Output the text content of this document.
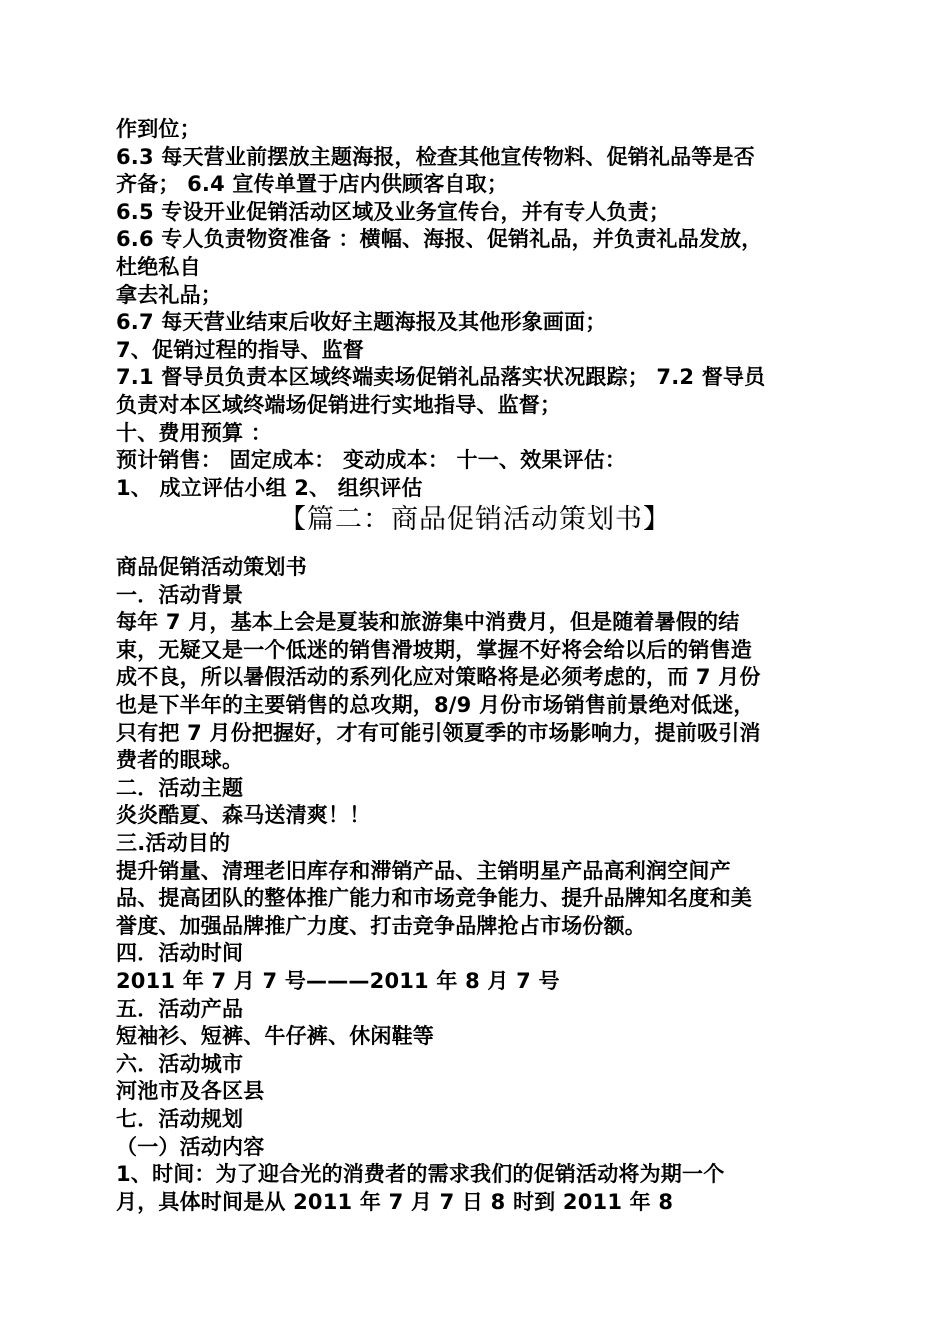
作到位；
6.3 每天营业前摆放主题海报，检查其他宣传物料、促销礼品等是否
齐备； 6.4 宣传单置于店内供顾客自取；
6.5 专设开业促销活动区域及业务宣传台，并有专人负责；
6.6 专人负责物资准备 ：横幅、海报、促销礼品，并负责礼品发放，
杜绝私自
拿去礼品；
6.7 每天营业结束后收好主题海报及其他形象画面；
7、促销过程的指导、监督
7.1 督导员负责本区域终端卖场促销礼品落实状况跟踪； 7.2 督导员
负责对本区域终端场促销进行实地指导、监督；
十、费用预算 ：
预计销售： 固定成本： 变动成本： 十一、效果评估：
1、 成立评估小组 2、 组织评估
【篇二：商品促销活动策划书】
商品促销活动策划书
一．活动背景
每年 7 月，基本上会是夏装和旅游集中消费月，但是随着暑假的结
束，无疑又是一个低迷的销售滑坡期，掌握不好将会给以后的销售造
成不良，所以暑假活动的系列化应对策略将是必须考虑的，而 7 月份
也是下半年的主要销售的总攻期，8/9 月份市场销售前景绝对低迷，
只有把 7 月份把握好，才有可能引领夏季的市场影响力，提前吸引消
费者的眼球。
二．活动主题
炎炎酷夏、森马送清爽！！
三.活动目的
提升销量、清理老旧库存和滞销产品、主销明星产品高利润空间产
品、提高团队的整体推广能力和市场竞争能力、提升品牌知名度和美
誉度、加强品牌推广力度、打击竞争品牌抢占市场份额。
四．活动时间
2011 年 7 月 7 号———2011 年 8 月 7 号
五．活动产品
短袖衫、短裤、牛仔裤、休闲鞋等
六．活动城市
河池市及各区县
七．活动规划
（一）活动内容
1、时间：为了迎合光的消费者的需求我们的促销活动将为期一个
月，具体时间是从 2011 年 7 月 7 日 8 时到 2011 年 8
